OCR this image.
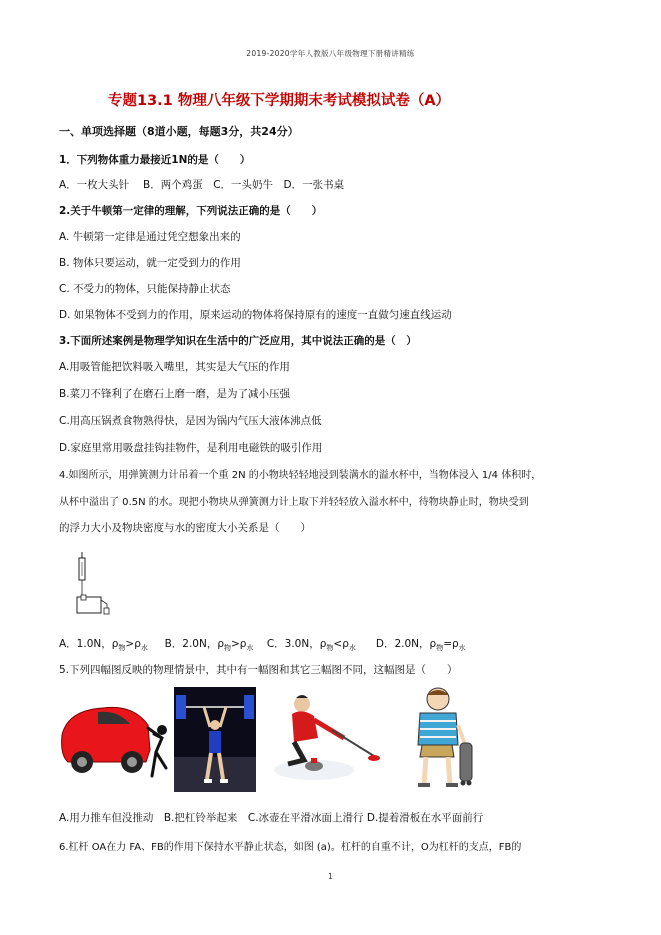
2019-2020学年人教版八年级物理下册精讲精练
专题13.1 物理八年级下学期期末考试模拟试卷（A）
一、单项选择题（8道小题，每题3分，共24分）
1．下列物体重力最接近1N的是（　　）
A．一枚大头针　 B．两个鸡蛋　C．一头奶牛　D．一张书桌
2.关于牛顿第一定律的理解，下列说法正确的是（　　）
A. 牛顿第一定律是通过凭空想象出来的
B. 物体只要运动，就一定受到力的作用
C. 不受力的物体，只能保持静止状态
D. 如果物体不受到力的作用，原来运动的物体将保持原有的速度一直做匀速直线运动
3.下面所述案例是物理学知识在生活中的广泛应用，其中说法正确的是（　）
A.用吸管能把饮料吸入嘴里，其实是大气压的作用
B.菜刀不锋利了在磨石上磨一磨，是为了减小压强
C.用高压锅煮食物熟得快，是因为锅内气压大液体沸点低
D.家庭里常用吸盘挂钩挂物件，是利用电磁铁的吸引作用
4.如图所示，用弹簧测力计吊着一个重 2N 的小物块轻轻地浸到装满水的溢水杯中，当物体浸入 1/4 体积时，
从杯中溢出了 0.5N 的水。现把小物块从弹簧测力计上取下并轻轻放入溢水杯中，待物块静止时，物块受到
的浮力大小及物块密度与水的密度大小关系是（　　）
A．1.0N，$\rho_物>\rho_水$ B．2.0N，$\rho_物>\rho_水$ C．3.0N，$\rho_物<\rho_水$ D．2.0N，$\rho_物=\rho_水$
5.下列四幅图反映的物理情景中，其中有一幅图和其它三幅图不同，这幅图是（　　）
A.用力推车但没推动　B.把杠铃举起来　C.冰壶在平滑冰面上滑行 D.提着滑板在水平面前行
6.杠杆 OA在力 FA、FB的作用下保持水平静止状态，如图 (a)。杠杆的自重不计，O为杠杆的支点，FB的
1
